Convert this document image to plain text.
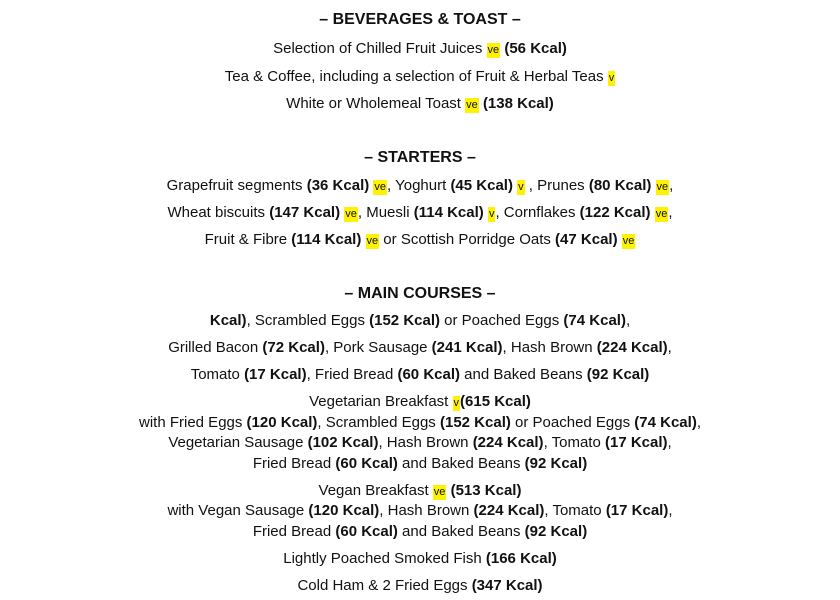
– BEVERAGES & TOAST –
Selection of Chilled Fruit Juices ve (56 Kcal)
Tea & Coffee, including a selection of Fruit & Herbal Teas v
White or Wholemeal Toast ve (138 Kcal)
– STARTERS –
Grapefruit segments (36 Kcal) ve, Yoghurt (45 Kcal) v , Prunes (80 Kcal) ve,
Wheat biscuits (147 Kcal) ve, Muesli (114 Kcal) v, Cornflakes (122 Kcal) ve,
Fruit & Fibre (114 Kcal) ve or Scottish Porridge Oats (47 Kcal) ve
– MAIN COURSES –
Kcal), Scrambled Eggs (152 Kcal) or Poached Eggs (74 Kcal),
Grilled Bacon (72 Kcal), Pork Sausage (241 Kcal), Hash Brown (224 Kcal),
Tomato (17 Kcal), Fried Bread (60 Kcal) and Baked Beans (92 Kcal)
Vegetarian Breakfast v(615 Kcal)
with Fried Eggs (120 Kcal), Scrambled Eggs (152 Kcal) or Poached Eggs (74 Kcal),
Vegetarian Sausage (102 Kcal), Hash Brown (224 Kcal), Tomato (17 Kcal),
Fried Bread (60 Kcal) and Baked Beans (92 Kcal)
Vegan Breakfast ve (513 Kcal)
with Vegan Sausage (120 Kcal), Hash Brown (224 Kcal), Tomato (17 Kcal),
Fried Bread (60 Kcal) and Baked Beans (92 Kcal)
Lightly Poached Smoked Fish (166 Kcal)
Cold Ham & 2 Fried Eggs (347 Kcal)
